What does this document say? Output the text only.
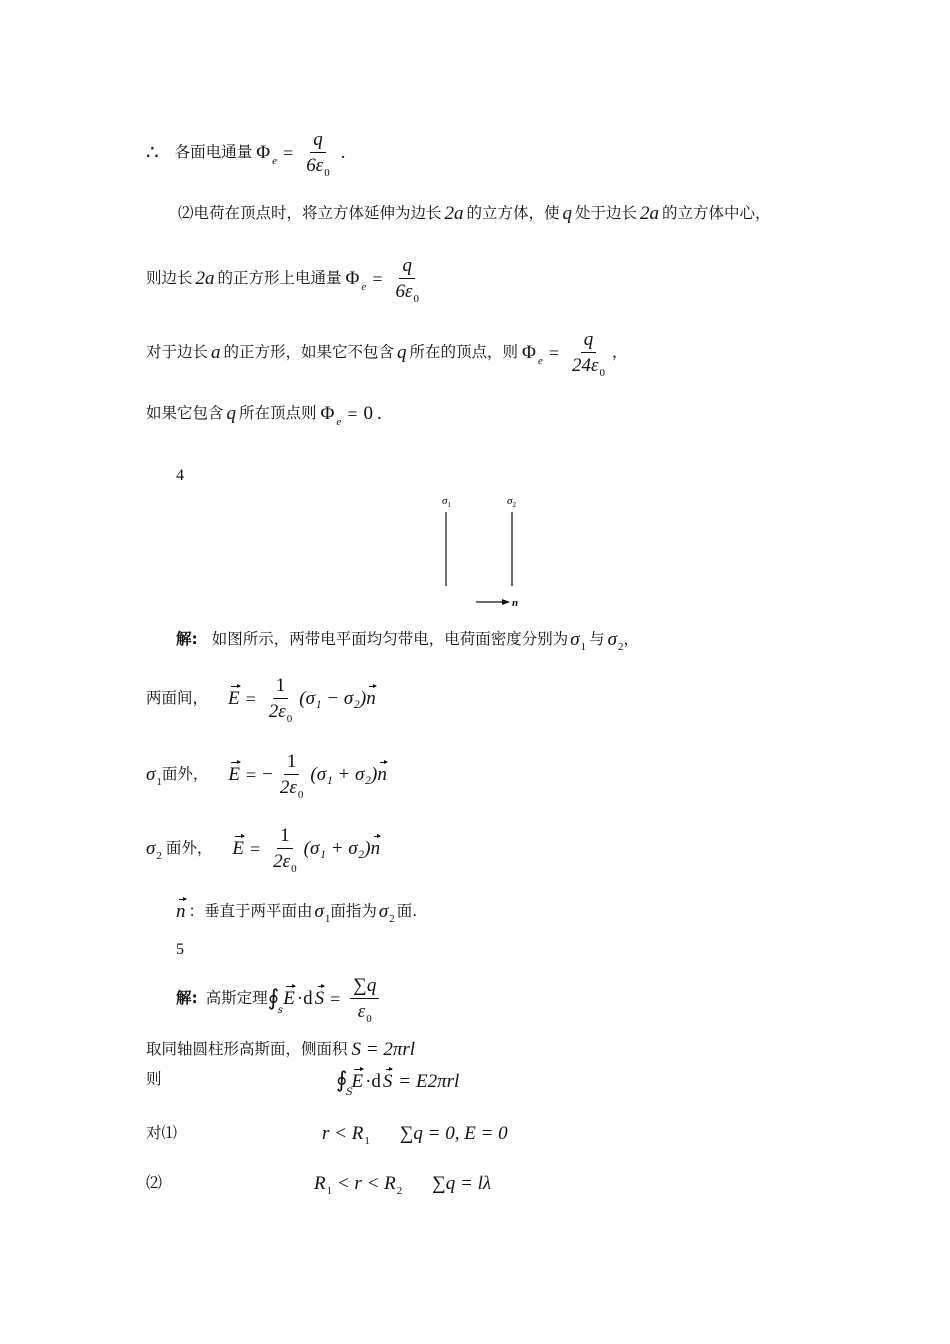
∴ 各面电通量 Φ $_e = \frac{q}{6\varepsilon_0}$ .
⑵电荷在顶点时，将立方体延伸为边长 2a 的立方体，使 q 处于边长 2a 的立方体中心，
则边长 2a 的正方形上电通量 Φ $_e = \frac{q}{6\varepsilon_0}$
对于边长 a 的正方形，如果它不包含 q 所在的顶点，则 Φ $_e = \frac{q}{24\varepsilon_0}$ ，
如果它包含 q 所在顶点则 Φ $_e$ = 0 .
4
$\sigma_1$	$\sigma_2$
n
解: 如图所示，两带电平面均匀带电，电荷面密度分别为 $\sigma_1$ 与 $\sigma_2$ ，
两面间， $E = \frac{1}{2\varepsilon_0} (\sigma_1 - \sigma_2)$ n
$\sigma_1$ 面外， E = − $\frac{1}{2\varepsilon_0} (\sigma_1 + \sigma_2)$ n
$\sigma_2$ 面外， $E = \frac{1}{2\varepsilon_0} (\sigma_1 + \sigma_2)$ n
n ：垂直于两平面由 $\sigma_1$ 面指为 $\sigma_2$ 面.
5
解: 高斯定理 ∮
s
E ·d $S = \frac{\sum q}{\varepsilon_0}$
取同轴圆柱形高斯面，侧面积 S = 2πrl
则	∮
S
E ·d S = E2πrl
对⑴	$r < R_1$ ∑q = 0, E = 0
⑵	$R_1 < r < R_2$ ∑q = lλ
